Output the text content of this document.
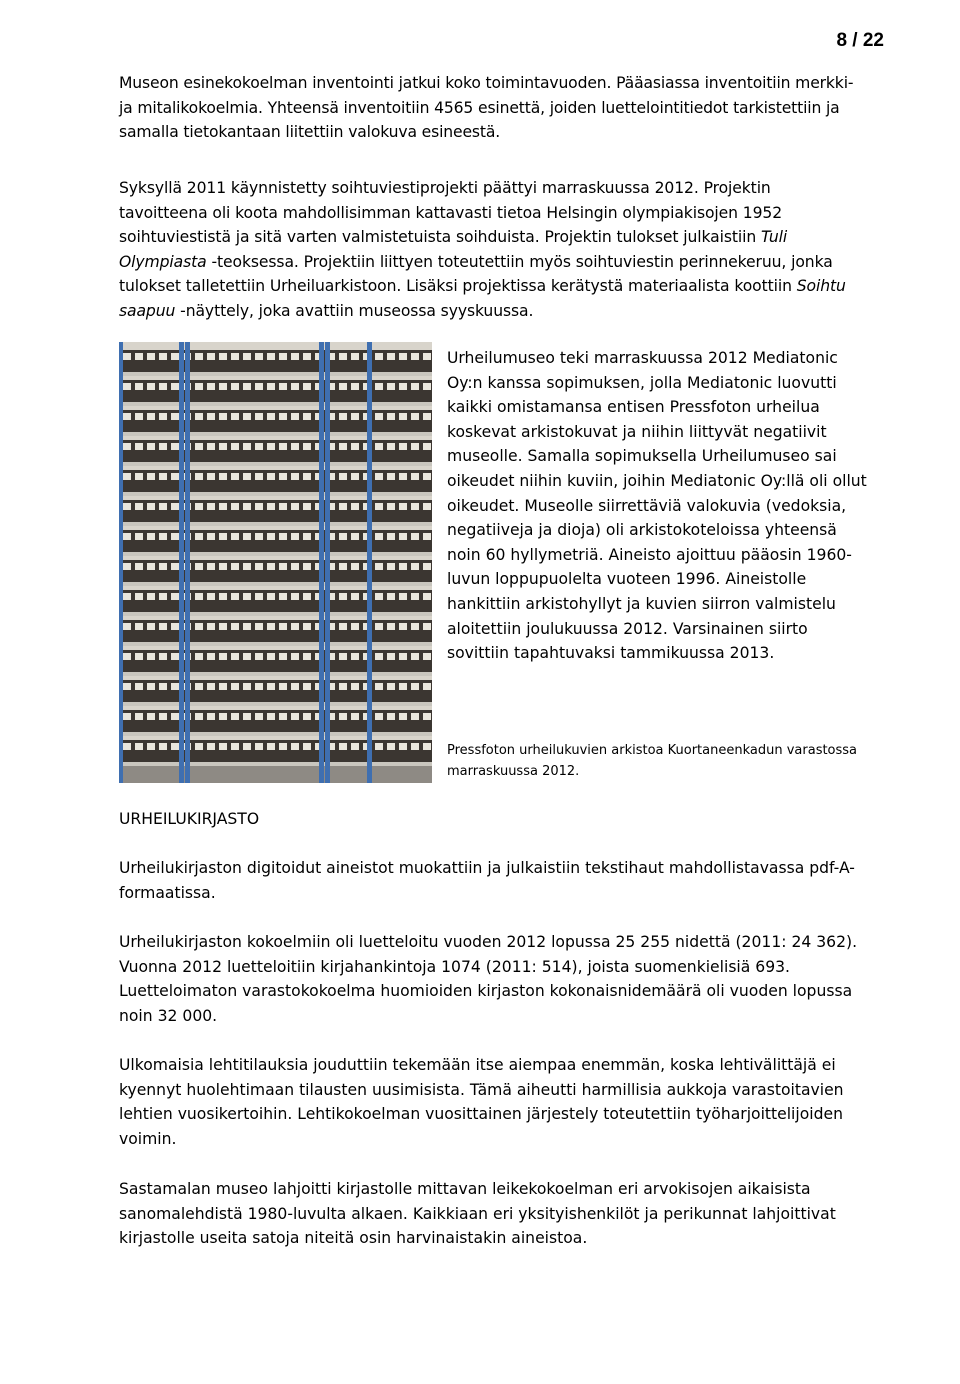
8 / 22

Museon esinekokoelman inventointi jatkui koko toimintavuoden. Pääasiassa inventoitiin merkki- ja mitalikokoelmia. Yhteensä inventoitiin 4565 esinettä, joiden luettelointitiedot tarkistettiin ja samalla tietokantaan liitettiin valokuva esineestä.

Syksyllä 2011 käynnistetty soihtuviestiprojekti päättyi marraskuussa 2012. Projektin tavoitteena oli koota mahdollisimman kattavasti tietoa Helsingin olympiakisojen 1952 soihtuviestistä ja sitä varten valmistetuista soihduista. Projektin tulokset julkaistiin Tuli Olympiasta -teoksessa. Projektiin liittyen toteutettiin myös soihtuviestin perinnekeruu, jonka tulokset talletettiin Urheiluarkistoon. Lisäksi projektissa kerätystä materiaalista koottiin Soihtu saapuu -näyttely, joka avattiin museossa syyskuussa.

Urheilumuseo teki marraskuussa 2012 Mediatonic Oy:n kanssa sopimuksen, jolla Mediatonic luovutti kaikki omistamansa entisen Pressfoton urheilua koskevat arkistokuvat ja niihin liittyvät negatiivit museolle. Samalla sopimuksella Urheilumuseo sai oikeudet niihin kuviin, joihin Mediatonic Oy:llä oli ollut oikeudet. Museolle siirrettäviä valokuvia (vedoksia, negatiiveja ja dioja) oli arkistokoteloissa yhteensä noin 60 hyllymetriä. Aineisto ajoittuu pääosin 1960-luvun loppupuolelta vuoteen 1996. Aineistolle hankittiin arkistohyllyt ja kuvien siirron valmistelu aloitettiin joulukuussa 2012. Varsinainen siirto sovittiin tapahtuvaksi tammikuussa 2013.

Pressfoton urheilukuvien arkistoa Kuortaneenkadun varastossa marraskuussa 2012.

URHEILUKIRJASTO

Urheilukirjaston digitoidut aineistot muokattiin ja julkaistiin tekstihaut mahdollistavassa pdf-A-formaatissa.

Urheilukirjaston kokoelmiin oli luetteloitu vuoden 2012 lopussa 25 255 nidettä (2011: 24 362). Vuonna 2012 luetteloitiin kirjahankintoja 1074 (2011: 514), joista suomenkielisiä 693. Luetteloimaton varastokokoelma huomioiden kirjaston kokonaisnidemäärä oli vuoden lopussa noin 32 000.

Ulkomaisia lehtitilauksia jouduttiin tekemään itse aiempaa enemmän, koska lehtivälittäjä ei kyennyt huolehtimaan tilausten uusimisista. Tämä aiheutti harmillisia aukkoja varastoitavien lehtien vuosikertoihin. Lehtikokoelman vuosittainen järjestely toteutettiin työharjoittelijoiden voimin.

Sastamalan museo lahjoitti kirjastolle mittavan leikekokoelman eri arvokisojen aikaisista sanomalehdistä 1980-luvulta alkaen. Kaikkiaan eri yksityishenkilöt ja perikunnat lahjoittivat kirjastolle useita satoja niteitä osin harvinaistakin aineistoa.
